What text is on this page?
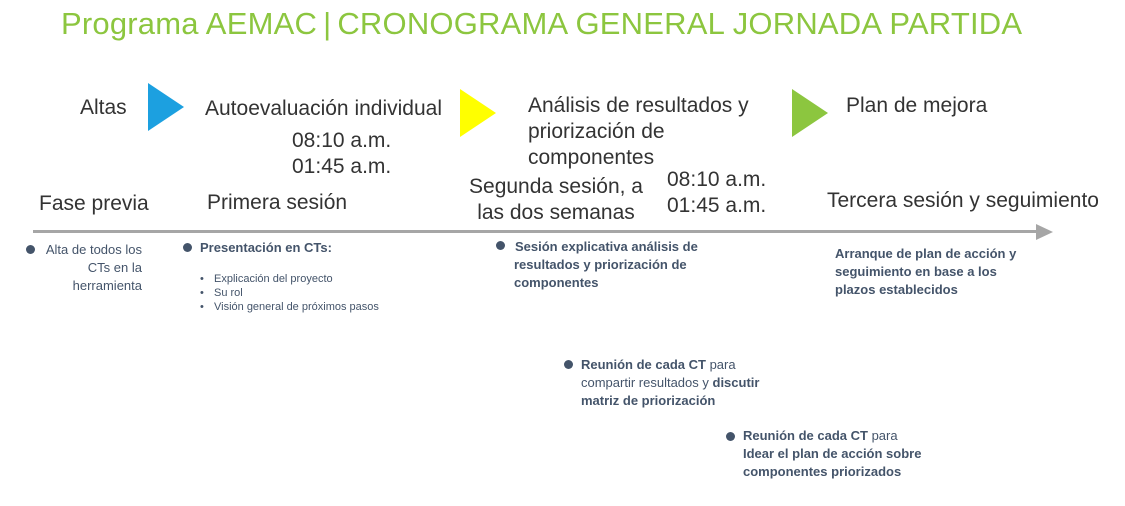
Programa AEMAC | CRONOGRAMA GENERAL JORNADA PARTIDA
Altas	Autoevaluación individual	Análisis de resultados y
priorización de
componentes
Plan de mejora
08:10 a.m.
01:45 a.m.
08:10 a.m.
01:45 a.m.
Fase previa	Primera sesión
Segunda sesión, a
las dos semanas
Tercera sesión y seguimiento
Alta de todos los
CTs en la
herramienta
Presentación en CTs:
• Explicación del proyecto
• Su rol
• Visión general de próximos pasos
Sesión explicativa análisis de
resultados y priorización de
componentes
Arranque de plan de acción y
seguimiento en base a los
plazos establecidos
Reunión de cada CT para
compartir resultados y discutir
matriz de priorización
Reunión de cada CT para
Idear el plan de acción sobre
componentes priorizados
